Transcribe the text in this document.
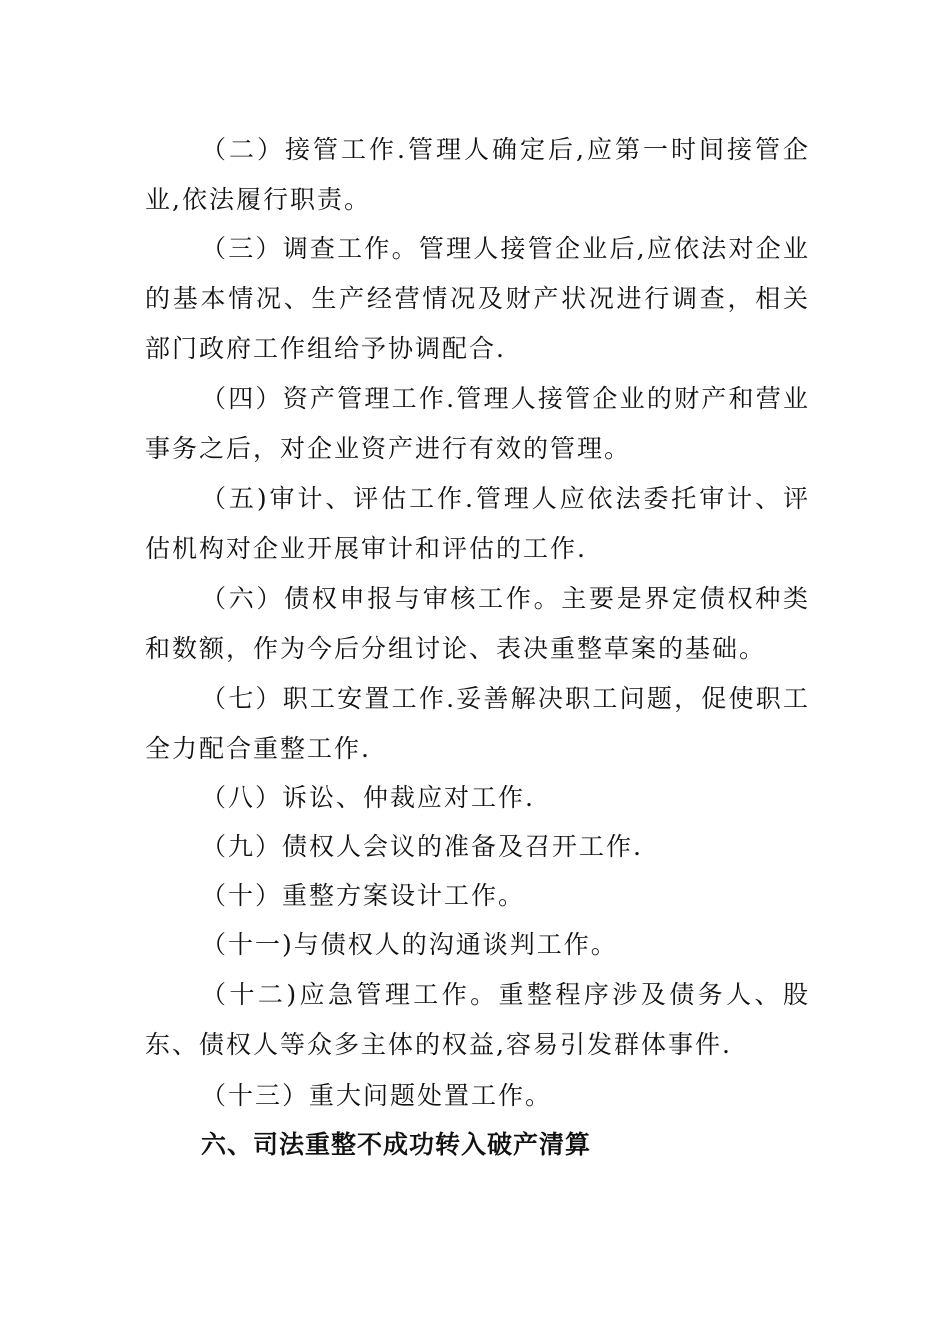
（二）接管工作.管理人确定后,应第一时间接管企业,依法履行职责。

（三）调查工作。管理人接管企业后,应依法对企业的基本情况、生产经营情况及财产状况进行调查，相关部门政府工作组给予协调配合.

（四）资产管理工作.管理人接管企业的财产和营业事务之后，对企业资产进行有效的管理。

（五)审计、评估工作.管理人应依法委托审计、评估机构对企业开展审计和评估的工作.

（六）债权申报与审核工作。主要是界定债权种类和数额，作为今后分组讨论、表决重整草案的基础。

（七）职工安置工作.妥善解决职工问题，促使职工全力配合重整工作.

（八）诉讼、仲裁应对工作.

（九）债权人会议的准备及召开工作.

（十）重整方案设计工作。

（十一)与债权人的沟通谈判工作。

（十二)应急管理工作。重整程序涉及债务人、股东、债权人等众多主体的权益,容易引发群体事件.

（十三）重大问题处置工作。

六、司法重整不成功转入破产清算
